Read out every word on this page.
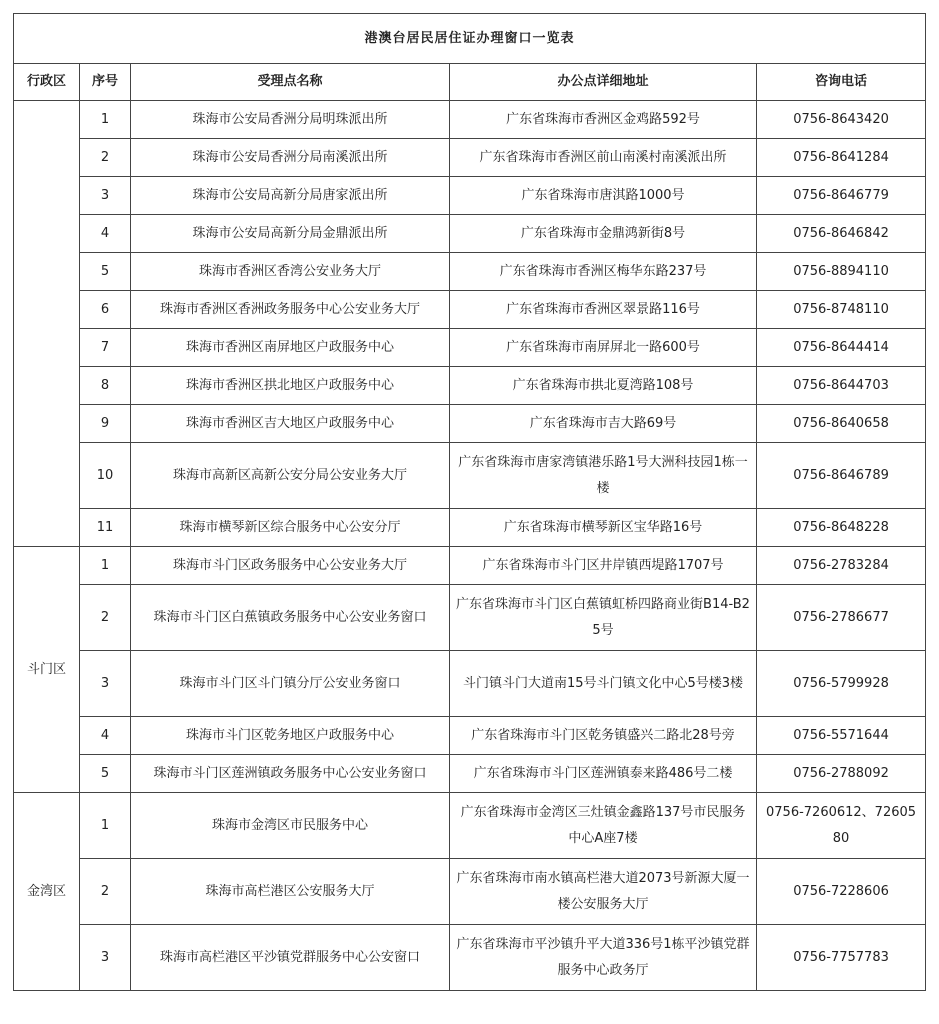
港澳台居民居住证办理窗口一览表				
行政区	序号	受理点名称	办公点详细地址	咨询电话
	1	珠海市公安局香洲分局明珠派出所	广东省珠海市香洲区金鸡路592号	0756-8643420
	2	珠海市公安局香洲分局南溪派出所	广东省珠海市香洲区前山南溪村南溪派出所	0756-8641284
	3	珠海市公安局高新分局唐家派出所	广东省珠海市唐淇路1000号	0756-8646779
	4	珠海市公安局高新分局金鼎派出所	广东省珠海市金鼎鸿新街8号	0756-8646842
	5	珠海市香洲区香湾公安业务大厅	广东省珠海市香洲区梅华东路237号	0756-8894110
	6	珠海市香洲区香洲政务服务中心公安业务大厅	广东省珠海市香洲区翠景路116号	0756-8748110
	7	珠海市香洲区南屏地区户政服务中心	广东省珠海市南屏屏北一路600号	0756-8644414
	8	珠海市香洲区拱北地区户政服务中心	广东省珠海市拱北夏湾路108号	0756-8644703
	9	珠海市香洲区吉大地区户政服务中心	广东省珠海市吉大路69号	0756-8640658
	10	珠海市高新区高新公安分局公安业务大厅	广东省珠海市唐家湾镇港乐路1号大洲科技园1栋一楼	0756-8646789
	11	珠海市横琴新区综合服务中心公安分厅	广东省珠海市横琴新区宝华路16号	0756-8648228
斗门区	1	珠海市斗门区政务服务中心公安业务大厅	广东省珠海市斗门区井岸镇西堤路1707号	0756-2783284
	2	珠海市斗门区白蕉镇政务服务中心公安业务窗口	广东省珠海市斗门区白蕉镇虹桥四路商业街B14-B25号	0756-2786677
	3	珠海市斗门区斗门镇分厅公安业务窗口	斗门镇斗门大道南15号斗门镇文化中心5号楼3楼	0756-5799928
	4	珠海市斗门区乾务地区户政服务中心	广东省珠海市斗门区乾务镇盛兴二路北28号旁	0756-5571644
	5	珠海市斗门区莲洲镇政务服务中心公安业务窗口	广东省珠海市斗门区莲洲镇泰来路486号二楼	0756-2788092
金湾区	1	珠海市金湾区市民服务中心	广东省珠海市金湾区三灶镇金鑫路137号市民服务中心A座7楼	0756-7260612、7260580
	2	珠海市高栏港区公安服务大厅	广东省珠海市南水镇高栏港大道2073号新源大厦一楼公安服务大厅	0756-7228606
	3	珠海市高栏港区平沙镇党群服务中心公安窗口	广东省珠海市平沙镇升平大道336号1栋平沙镇党群服务中心政务厅	0756-7757783
